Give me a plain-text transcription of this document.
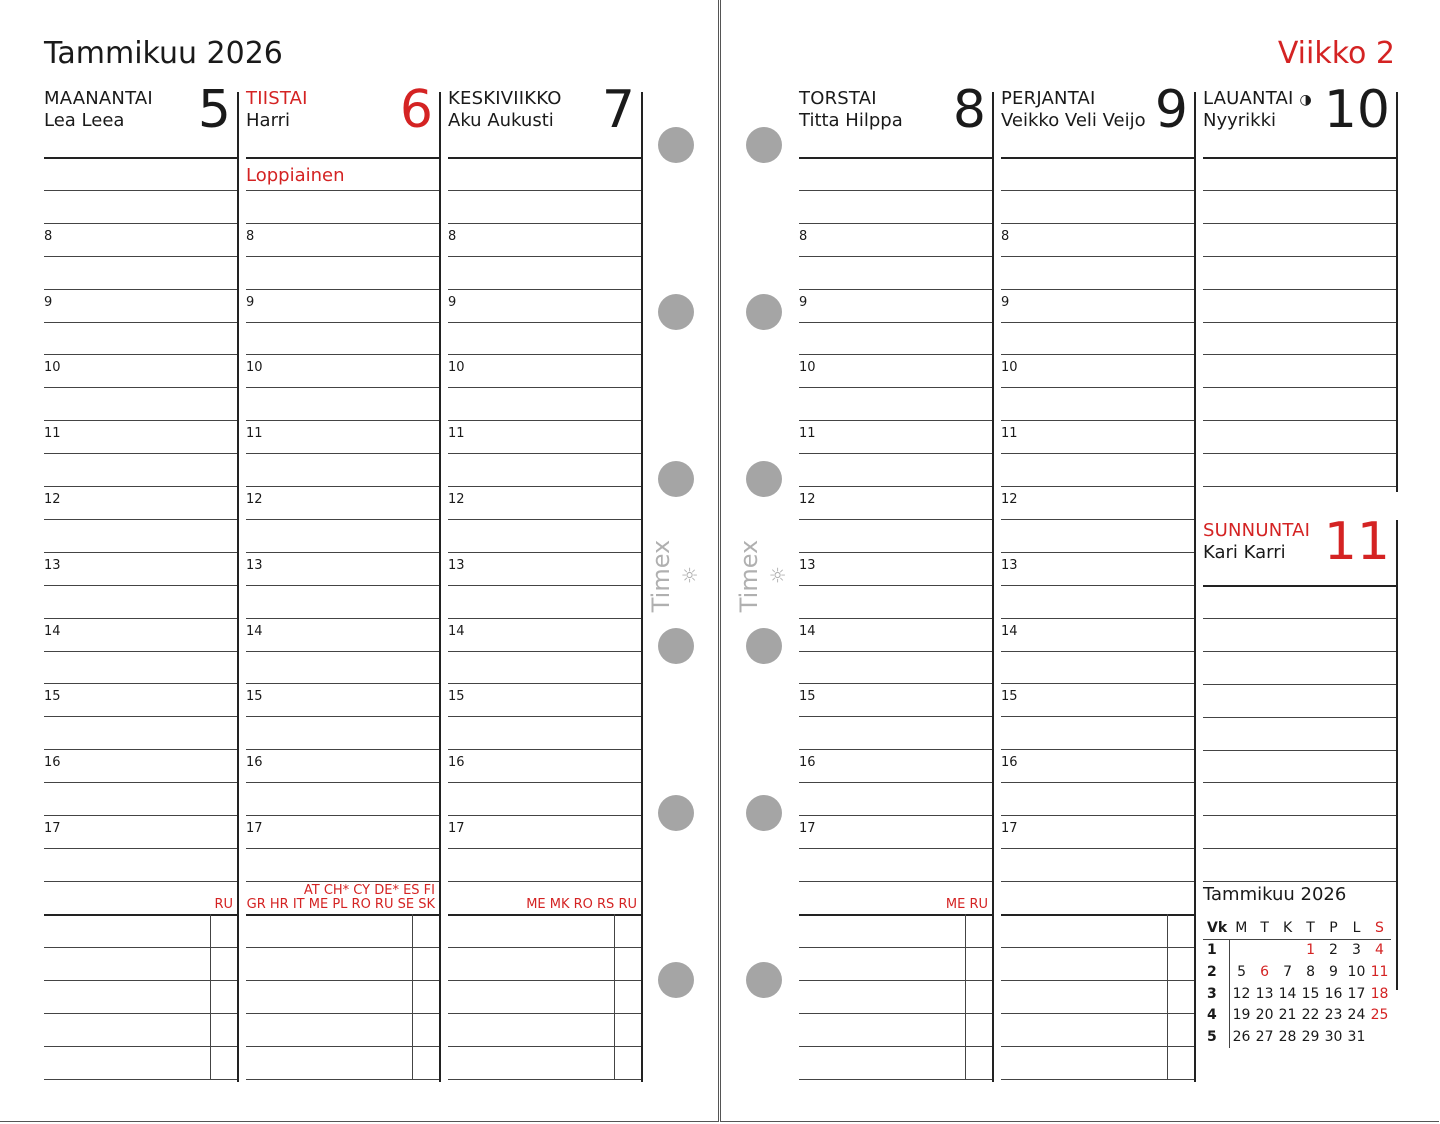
Tammikuu 2026	Viikko 2
MAANANTAI
Lea Leea 5
8
9
10
11
12
13
14
15
16
17
RU
TIISTAI
Harri 6
8
9
10
11
12
13
14
15
16
17
Loppiainen
AT CH* CY DE* ES FI
GR HR IT ME PL RO RU SE SK
KESKIVIIKKO
Aku Aukusti 7
8
9
10
11
12
13
14
15
16
17
ME MK RO RS RU
TORSTAI
Titta Hilppa 8
8
9
10
11
12
13
14
15
16
17
ME RU
PERJANTAI
Veikko Veli Veijo 9
8
9
10
11
12
13
14
15
16
17
LAUANTAI ◑
Nyyrikki 10
SUNNUNTAI
Kari Karri 11
Timex ☼ Timex ☼
Tammikuu 2026
Vk	M	T	K	T	P	L	S
1				1	2	3	4
2	5	6	7	8	9	10	11
3	12	13	14	15	16	17	18
4	19	20	21	22	23	24	25
5	26	27	28	29	30	31	
